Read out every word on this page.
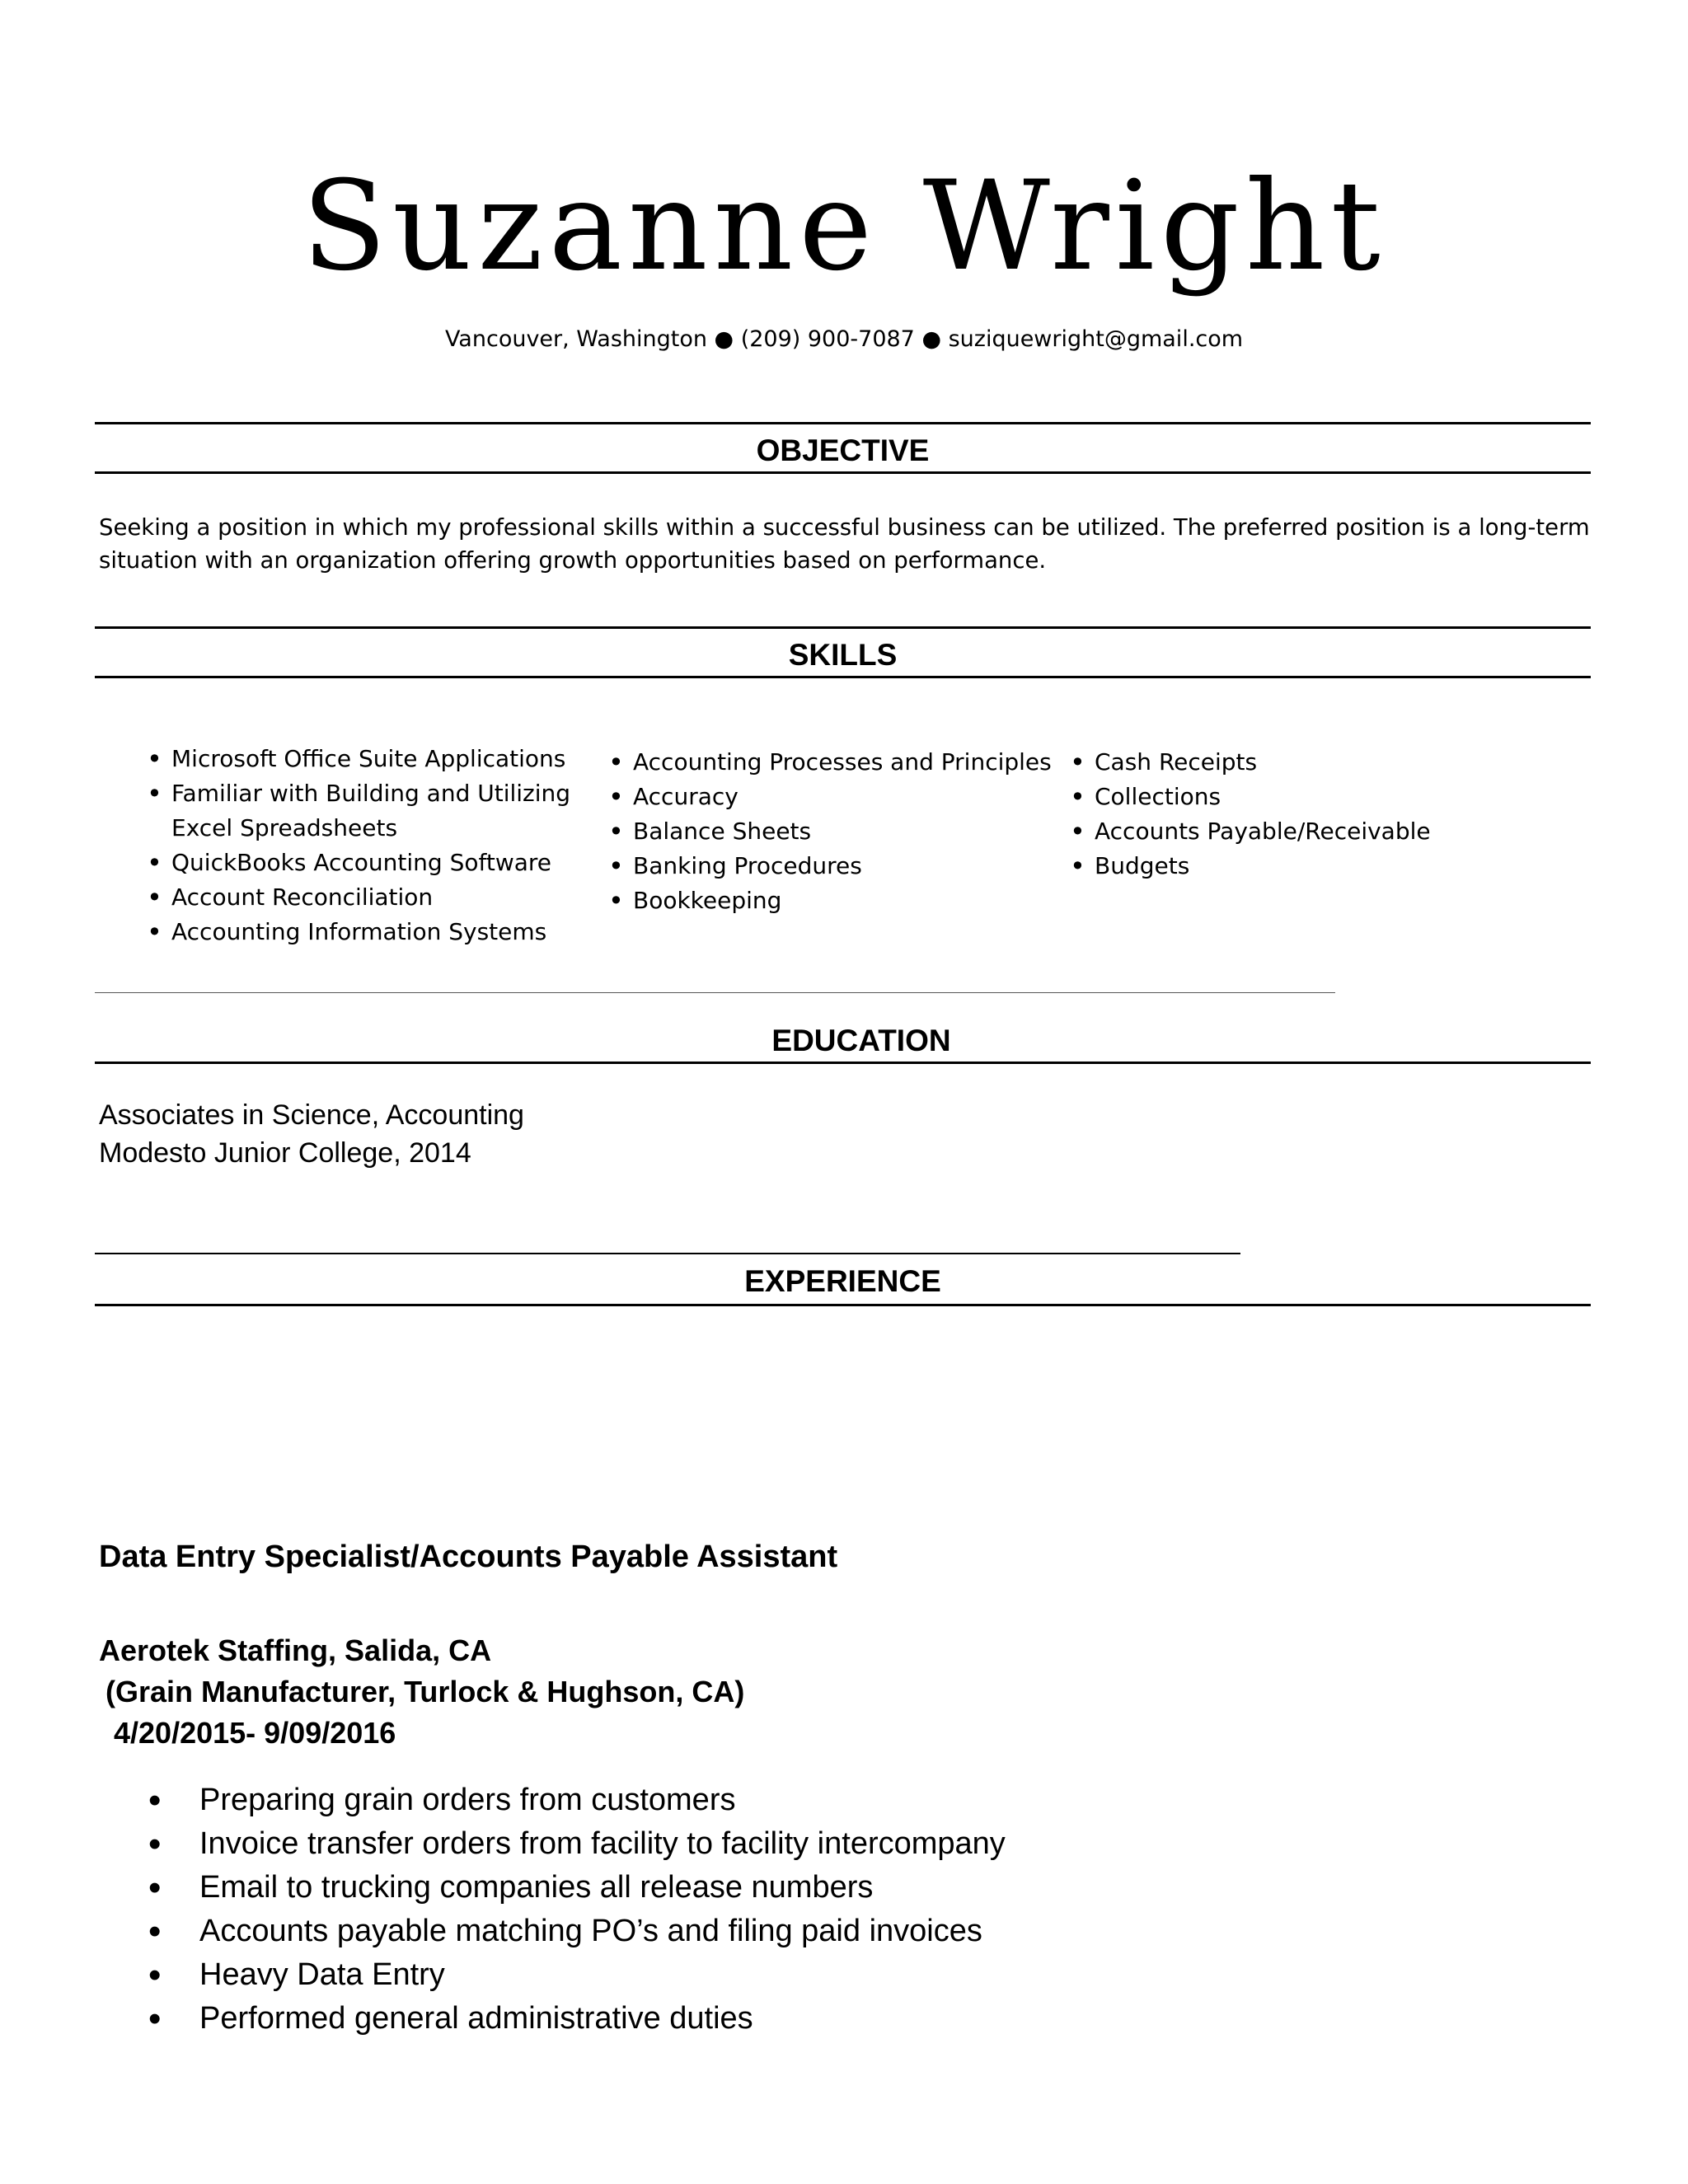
Suzanne Wright
Vancouver, Washington ● (209) 900-7087 ● suziquewright@gmail.com
OBJECTIVE
Seeking a position in which my professional skills within a successful business can be utilized. The preferred position is a long-term situation with an organization offering growth opportunities based on performance.
SKILLS
• Microsoft Office Suite Applications
• Familiar with Building and Utilizing Excel Spreadsheets
• QuickBooks Accounting Software
• Account Reconciliation
• Accounting Information Systems
• Accounting Processes and Principles
• Accuracy
• Balance Sheets
• Banking Procedures
• Bookkeeping
• Cash Receipts
• Collections
• Accounts Payable/Receivable
• Budgets
EDUCATION
Associates in Science, Accounting
Modesto Junior College, 2014
EXPERIENCE
Data Entry Specialist/Accounts Payable Assistant
Aerotek Staffing, Salida, CA
(Grain Manufacturer, Turlock & Hughson, CA)
4/20/2015- 9/09/2016
• Preparing grain orders from customers
• Invoice transfer orders from facility to facility intercompany
• Email to trucking companies all release numbers
• Accounts payable matching PO’s and filing paid invoices
• Heavy Data Entry
• Performed general administrative duties
